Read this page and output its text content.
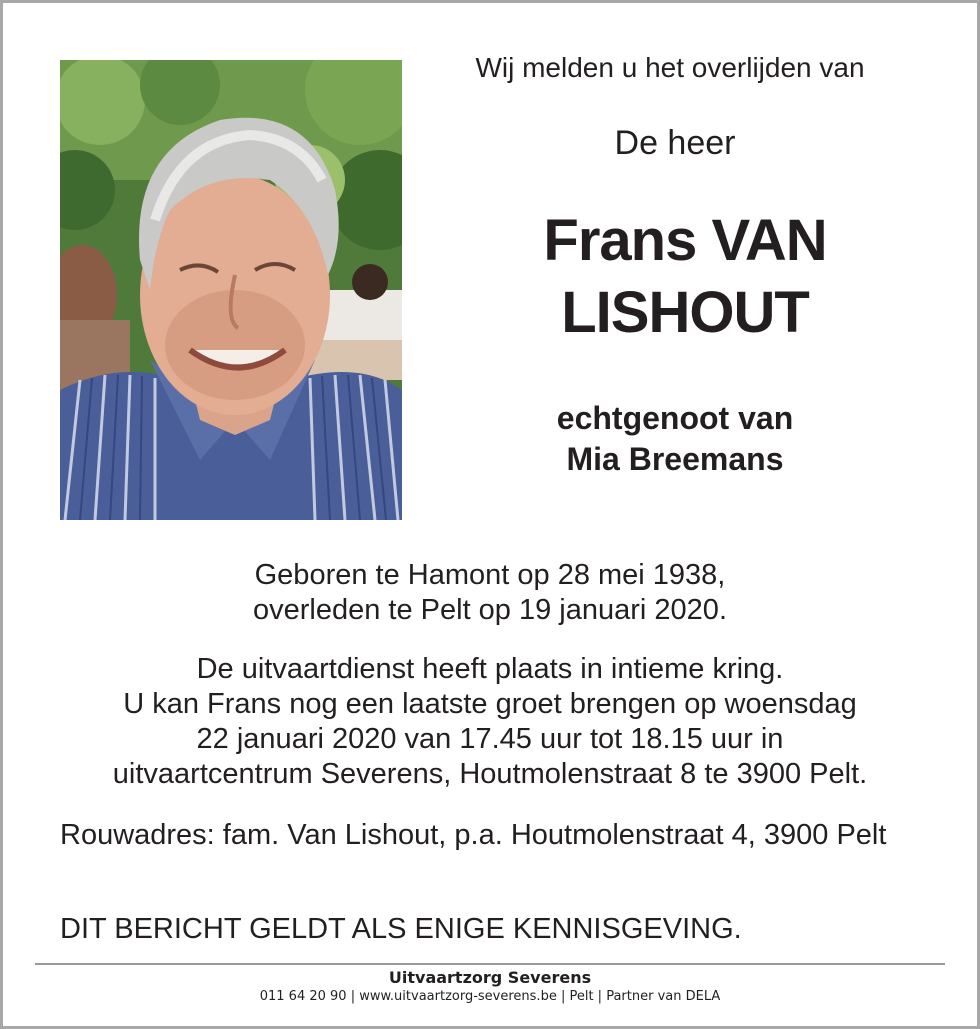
Wij melden u het overlijden van
De heer
Frans VAN
LISHOUT
echtgenoot van
Mia Breemans
Geboren te Hamont op 28 mei 1938,
overleden te Pelt op 19 januari 2020.
De uitvaartdienst heeft plaats in intieme kring.
U kan Frans nog een laatste groet brengen op woensdag
22 januari 2020 van 17.45 uur tot 18.15 uur in
uitvaartcentrum Severens, Houtmolenstraat 8 te 3900 Pelt.
Rouwadres: fam. Van Lishout, p.a. Houtmolenstraat 4, 3900 Pelt
DIT BERICHT GELDT ALS ENIGE KENNISGEVING.
Uitvaartzorg Severens
011 64 20 90 | www.uitvaartzorg-severens.be | Pelt | Partner van DELA
